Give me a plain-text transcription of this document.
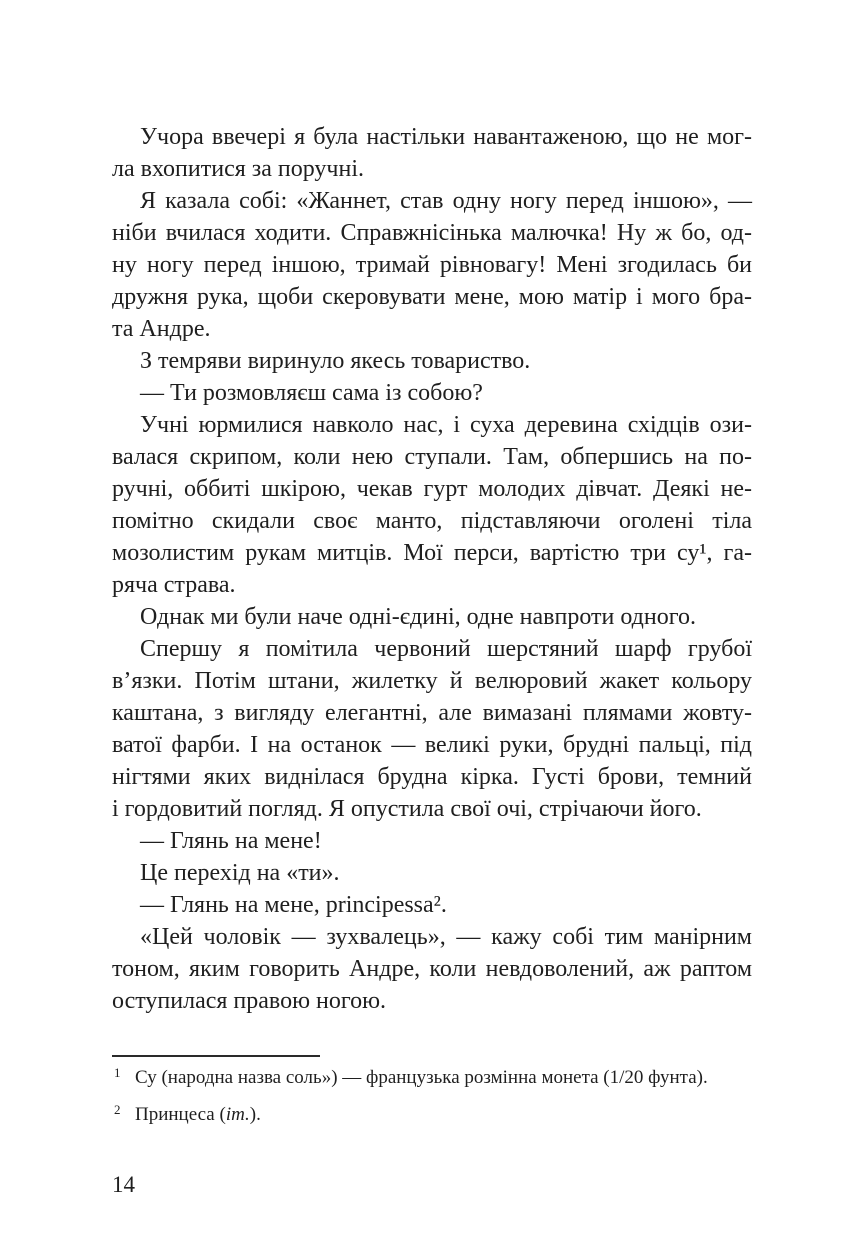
Учора ввечері я була настільки навантаженою, що не мог-
ла вхопитися за поручні.
Я казала собі: «Жаннет, став одну ногу перед іншою», —
ніби вчилася ходити. Справжнісінька малючка! Ну ж бо, од-
ну ногу перед іншою, тримай рівновагу! Мені згодилась би
дружня рука, щоби скеровувати мене, мою матір і мого бра-
та Андре.
З темряви виринуло якесь товариство.
— Ти розмовляєш сама із собою?
Учні юрмилися навколо нас, і суха деревина східців ози-
валася скрипом, коли нею ступали. Там, обпершись на по-
ручні, оббиті шкірою, чекав гурт молодих дівчат. Деякі не-
помітно скидали своє манто, підставляючи оголені тіла
мозолистим рукам митців. Мої перси, вартістю три су¹, га-
ряча страва.
Однак ми були наче одні-єдині, одне навпроти одного.
Спершу я помітила червоний шерстяний шарф грубої
в’язки. Потім штани, жилетку й велюровий жакет кольору
каштана, з вигляду елегантні, але вимазані плямами жовту-
ватої фарби. І на останок — великі руки, брудні пальці, під
нігтями яких виднілася брудна кірка. Густі брови, темний
і гордовитий погляд. Я опустила свої очі, стрічаючи його.
— Глянь на мене!
Це перехід на «ти».
— Глянь на мене, principessa².
«Цей чоловік — зухвалець», — кажу собі тим манірним
тоном, яким говорить Андре, коли невдоволений, аж раптом
оступилася правою ногою.
1 Су (народна назва соль») — французька розмінна монета (1/20 фунта).
2 Принцеса (іт.).
14
